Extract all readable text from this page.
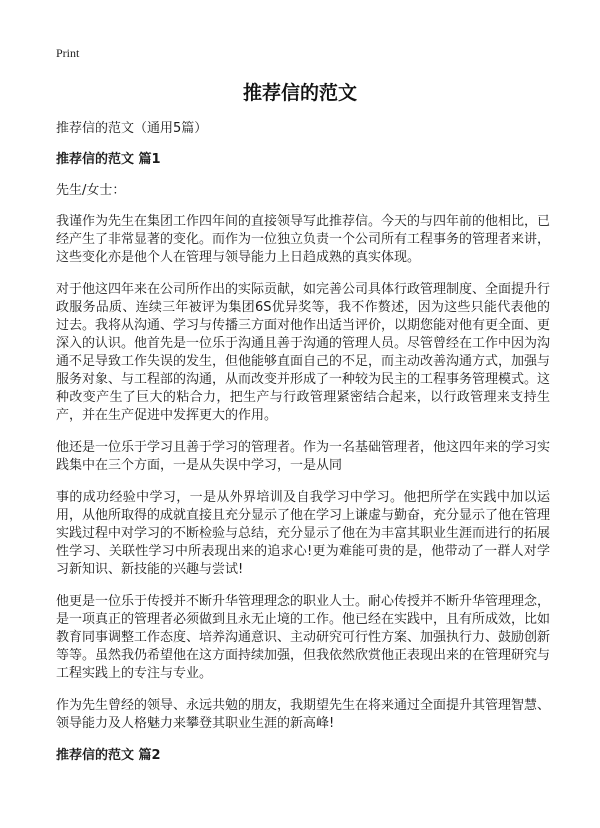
Print
推荐信的范文

推荐信的范文（通用5篇）

推荐信的范文 篇1

先生/女士：

我谨作为先生在集团工作四年间的直接领导写此推荐信。今天的与四年前的他相比，已经产生了非常显著的变化。而作为一位独立负责一个公司所有工程事务的管理者来讲，这些变化亦是他个人在管理与领导能力上日趋成熟的真实体现。

对于他这四年来在公司所作出的实际贡献，如完善公司具体行政管理制度、全面提升行政服务品质、连续三年被评为集团6S优异奖等，我不作赘述，因为这些只能代表他的过去。我将从沟通、学习与传播三方面对他作出适当评价，以期您能对他有更全面、更深入的认识。他首先是一位乐于沟通且善于沟通的管理人员。尽管曾经在工作中因为沟通不足导致工作失误的发生，但他能够直面自己的不足，而主动改善沟通方式，加强与服务对象、与工程部的沟通，从而改变并形成了一种较为民主的工程事务管理模式。这种改变产生了巨大的粘合力，把生产与行政管理紧密结合起来，以行政管理来支持生产，并在生产促进中发挥更大的作用。

他还是一位乐于学习且善于学习的管理者。作为一名基础管理者，他这四年来的学习实践集中在三个方面，一是从失误中学习，一是从同

事的成功经验中学习，一是从外界培训及自我学习中学习。他把所学在实践中加以运用，从他所取得的成就直接且充分显示了他在学习上谦虚与勤奋，充分显示了他在管理实践过程中对学习的不断检验与总结，充分显示了他在为丰富其职业生涯而进行的拓展性学习、关联性学习中所表现出来的追求心!更为难能可贵的是，他带动了一群人对学习新知识、新技能的兴趣与尝试!

他更是一位乐于传授并不断升华管理理念的职业人士。耐心传授并不断升华管理理念，是一项真正的管理者必须做到且永无止境的工作。他已经在实践中，且有所成效，比如教育同事调整工作态度、培养沟通意识、主动研究可行性方案、加强执行力、鼓励创新等等。虽然我仍希望他在这方面持续加强，但我依然欣赏他正表现出来的在管理研究与工程实践上的专注与专业。

作为先生曾经的领导、永远共勉的朋友，我期望先生在将来通过全面提升其管理智慧、领导能力及人格魅力来攀登其职业生涯的新高峰!

推荐信的范文 篇2
